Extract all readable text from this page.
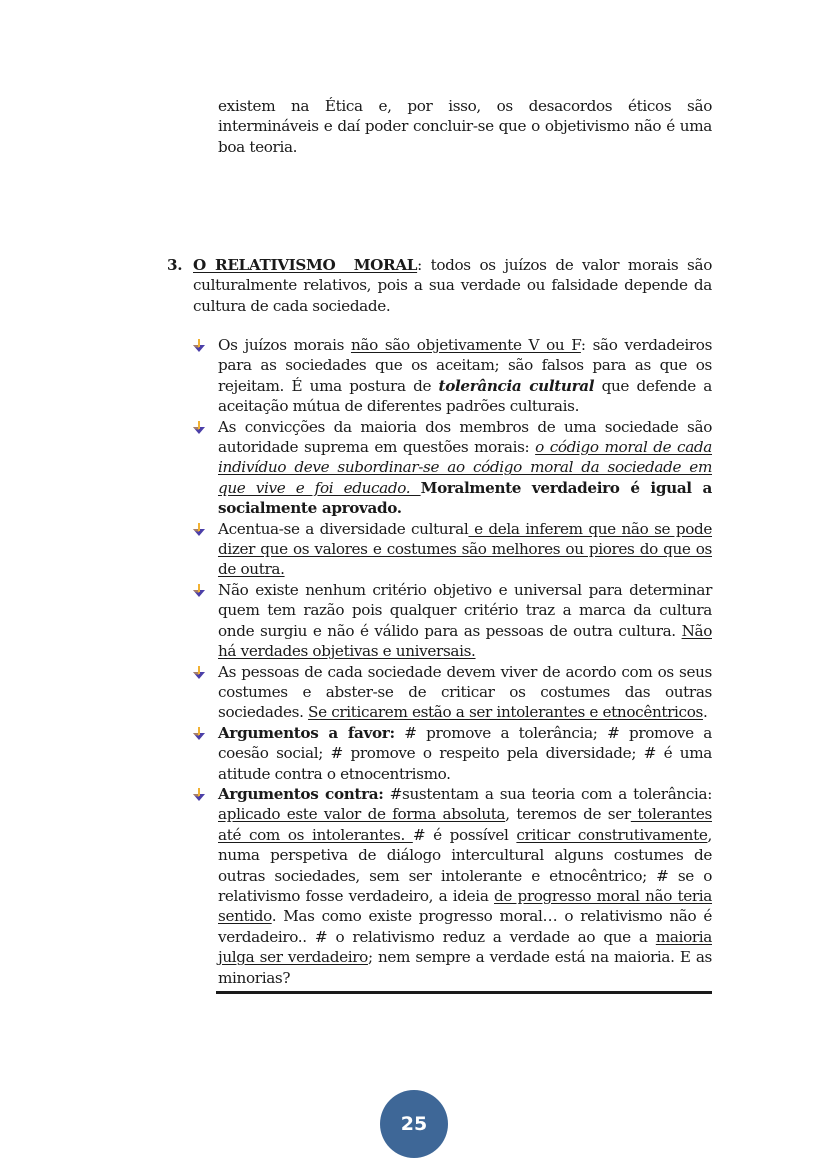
existem na Ética e, por isso, os desacordos éticos são intermináveis e daí poder concluir-se que o objetivismo não é uma boa teoria.

3. O RELATIVISMO  MORAL: todos os juízos de valor morais são culturalmente relativos, pois a sua verdade ou falsidade depende da cultura de cada sociedade.
Os juízos morais não são objetivamente V ou F: são verdadeiros para as sociedades que os aceitam; são falsos para as que os rejeitam. É uma postura de tolerância cultural que defende a aceitação mútua de diferentes padrões culturais.
As convicções da maioria dos membros de uma sociedade são autoridade suprema em questões morais: o código moral de cada indivíduo deve subordinar-se ao código moral da sociedade em que vive e foi educado. Moralmente verdadeiro é igual a socialmente aprovado.
Acentua-se a diversidade cultural e dela inferem que não se pode dizer que os valores e costumes são melhores ou piores do que os de outra.
Não existe nenhum critério objetivo e universal para determinar quem tem razão pois qualquer critério traz a marca da cultura onde surgiu e não é válido para as pessoas de outra cultura. Não há verdades objetivas e universais.
As pessoas de cada sociedade devem viver de acordo com os seus costumes e abster-se de criticar os costumes das outras sociedades. Se criticarem estão a ser intolerantes e etnocêntricos.
Argumentos a favor: # promove a tolerância; # promove a coesão social; # promove o respeito pela diversidade; # é uma atitude contra o etnocentrismo.
Argumentos contra: #sustentam a sua teoria com a tolerância: aplicado este valor de forma absoluta, teremos de ser tolerantes até com os intolerantes. # é possível criticar construtivamente, numa perspetiva de diálogo intercultural alguns costumes de outras sociedades, sem ser intolerante e etnocêntrico; # se o relativismo fosse verdadeiro, a ideia de progresso moral não teria sentido. Mas como existe progresso moral… o relativismo não é verdadeiro.. # o relativismo reduz a verdade ao que a maioria julga ser verdadeiro; nem sempre a verdade está na maioria. E as minorias?
25
